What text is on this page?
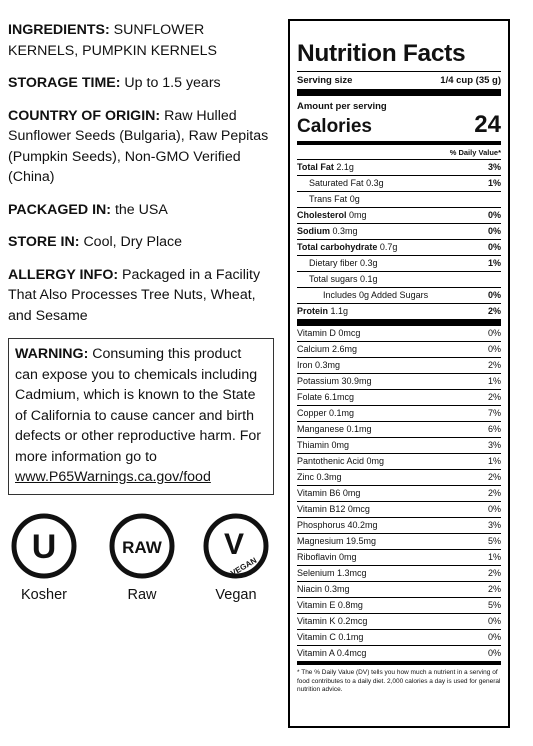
INGREDIENTS: SUNFLOWER KERNELS, PUMPKIN KERNELS

STORAGE TIME: Up to 1.5 years

COUNTRY OF ORIGIN: Raw Hulled Sunflower Seeds (Bulgaria), Raw Pepitas (Pumpkin Seeds), Non-GMO Verified (China)

PACKAGED IN: the USA

STORE IN: Cool, Dry Place

ALLERGY INFO: Packaged in a Facility That Also Processes Tree Nuts, Wheat, and Sesame

WARNING: Consuming this product can expose you to chemicals including Cadmium, which is known to the State of California to cause cancer and birth defects or other reproductive harm. For more information go to www.P65Warnings.ca.gov/food
U
Kosher
RAW
Raw
V
VEGAN
Vegan
Nutrition Facts
Serving size	1/4 cup (35 g)
Amount per serving
Calories	24
% Daily Value*
Total Fat 2.1g	3%
Saturated Fat 0.3g	1%
Trans Fat 0g
Cholesterol 0mg	0%
Sodium 0.3mg	0%
Total carbohydrate 0.7g	0%
Dietary fiber 0.3g	1%
Total sugars 0.1g
Includes 0g Added Sugars	0%
Protein 1.1g	2%
Vitamin D 0mcg	0%
Calcium 2.6mg	0%
Iron 0.3mg	2%
Potassium 30.9mg	1%
Folate 6.1mcg	2%
Copper 0.1mg	7%
Manganese 0.1mg	6%
Thiamin 0mg	3%
Pantothenic Acid 0mg	1%
Zinc 0.3mg	2%
Vitamin B6 0mg	2%
Vitamin B12 0mcg	0%
Phosphorus 40.2mg	3%
Magnesium 19.5mg	5%
Riboflavin 0mg	1%
Selenium 1.3mcg	2%
Niacin 0.3mg	2%
Vitamin E 0.8mg	5%
Vitamin K 0.2mcg	0%
Vitamin C 0.1mg	0%
Vitamin A 0.4mcg	0%
* The % Daily Value (DV) tells you how much a nutrient in a serving of food contributes to a daily diet. 2,000 calories a day is used for general nutrition advice.
